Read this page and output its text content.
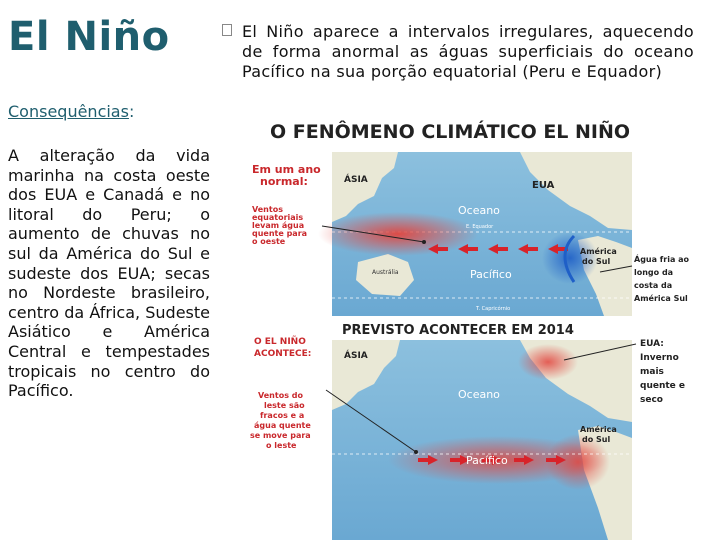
El Niño
Consequências:
A alteração da vida marinha na costa oeste dos EUA e Canadá e no litoral do Peru; o aumento de chuvas no sul da América do Sul e sudeste dos EUA; secas no Nordeste brasileiro, centro da África, Sudeste Asiático e América Central e tempestades tropicais no centro do Pacífico.
El Niño aparece a intervalos irregulares, aquecendo de forma anormal as águas superficiais do oceano Pacífico na sua porção equatorial (Peru e Equador)
O FENÔMENO CLIMÁTICO EL NIÑO
ÁSIA	EUA
Oceano
E. Equador
Pacífico
T. Capricórnio
Austrália
América do Sul
Em um ano normal:
Ventos equatoriais levam água quente para o oeste
Água fria ao longo da costa da América Sul
PREVISTO ACONTECER EM 2014
ÁSIA
Oceano
Pacífico
América do Sul
O EL NIÑO ACONTECE:
Ventos do leste são fracos e a água quente se move para o leste
EUA: Inverno mais quente e seco
